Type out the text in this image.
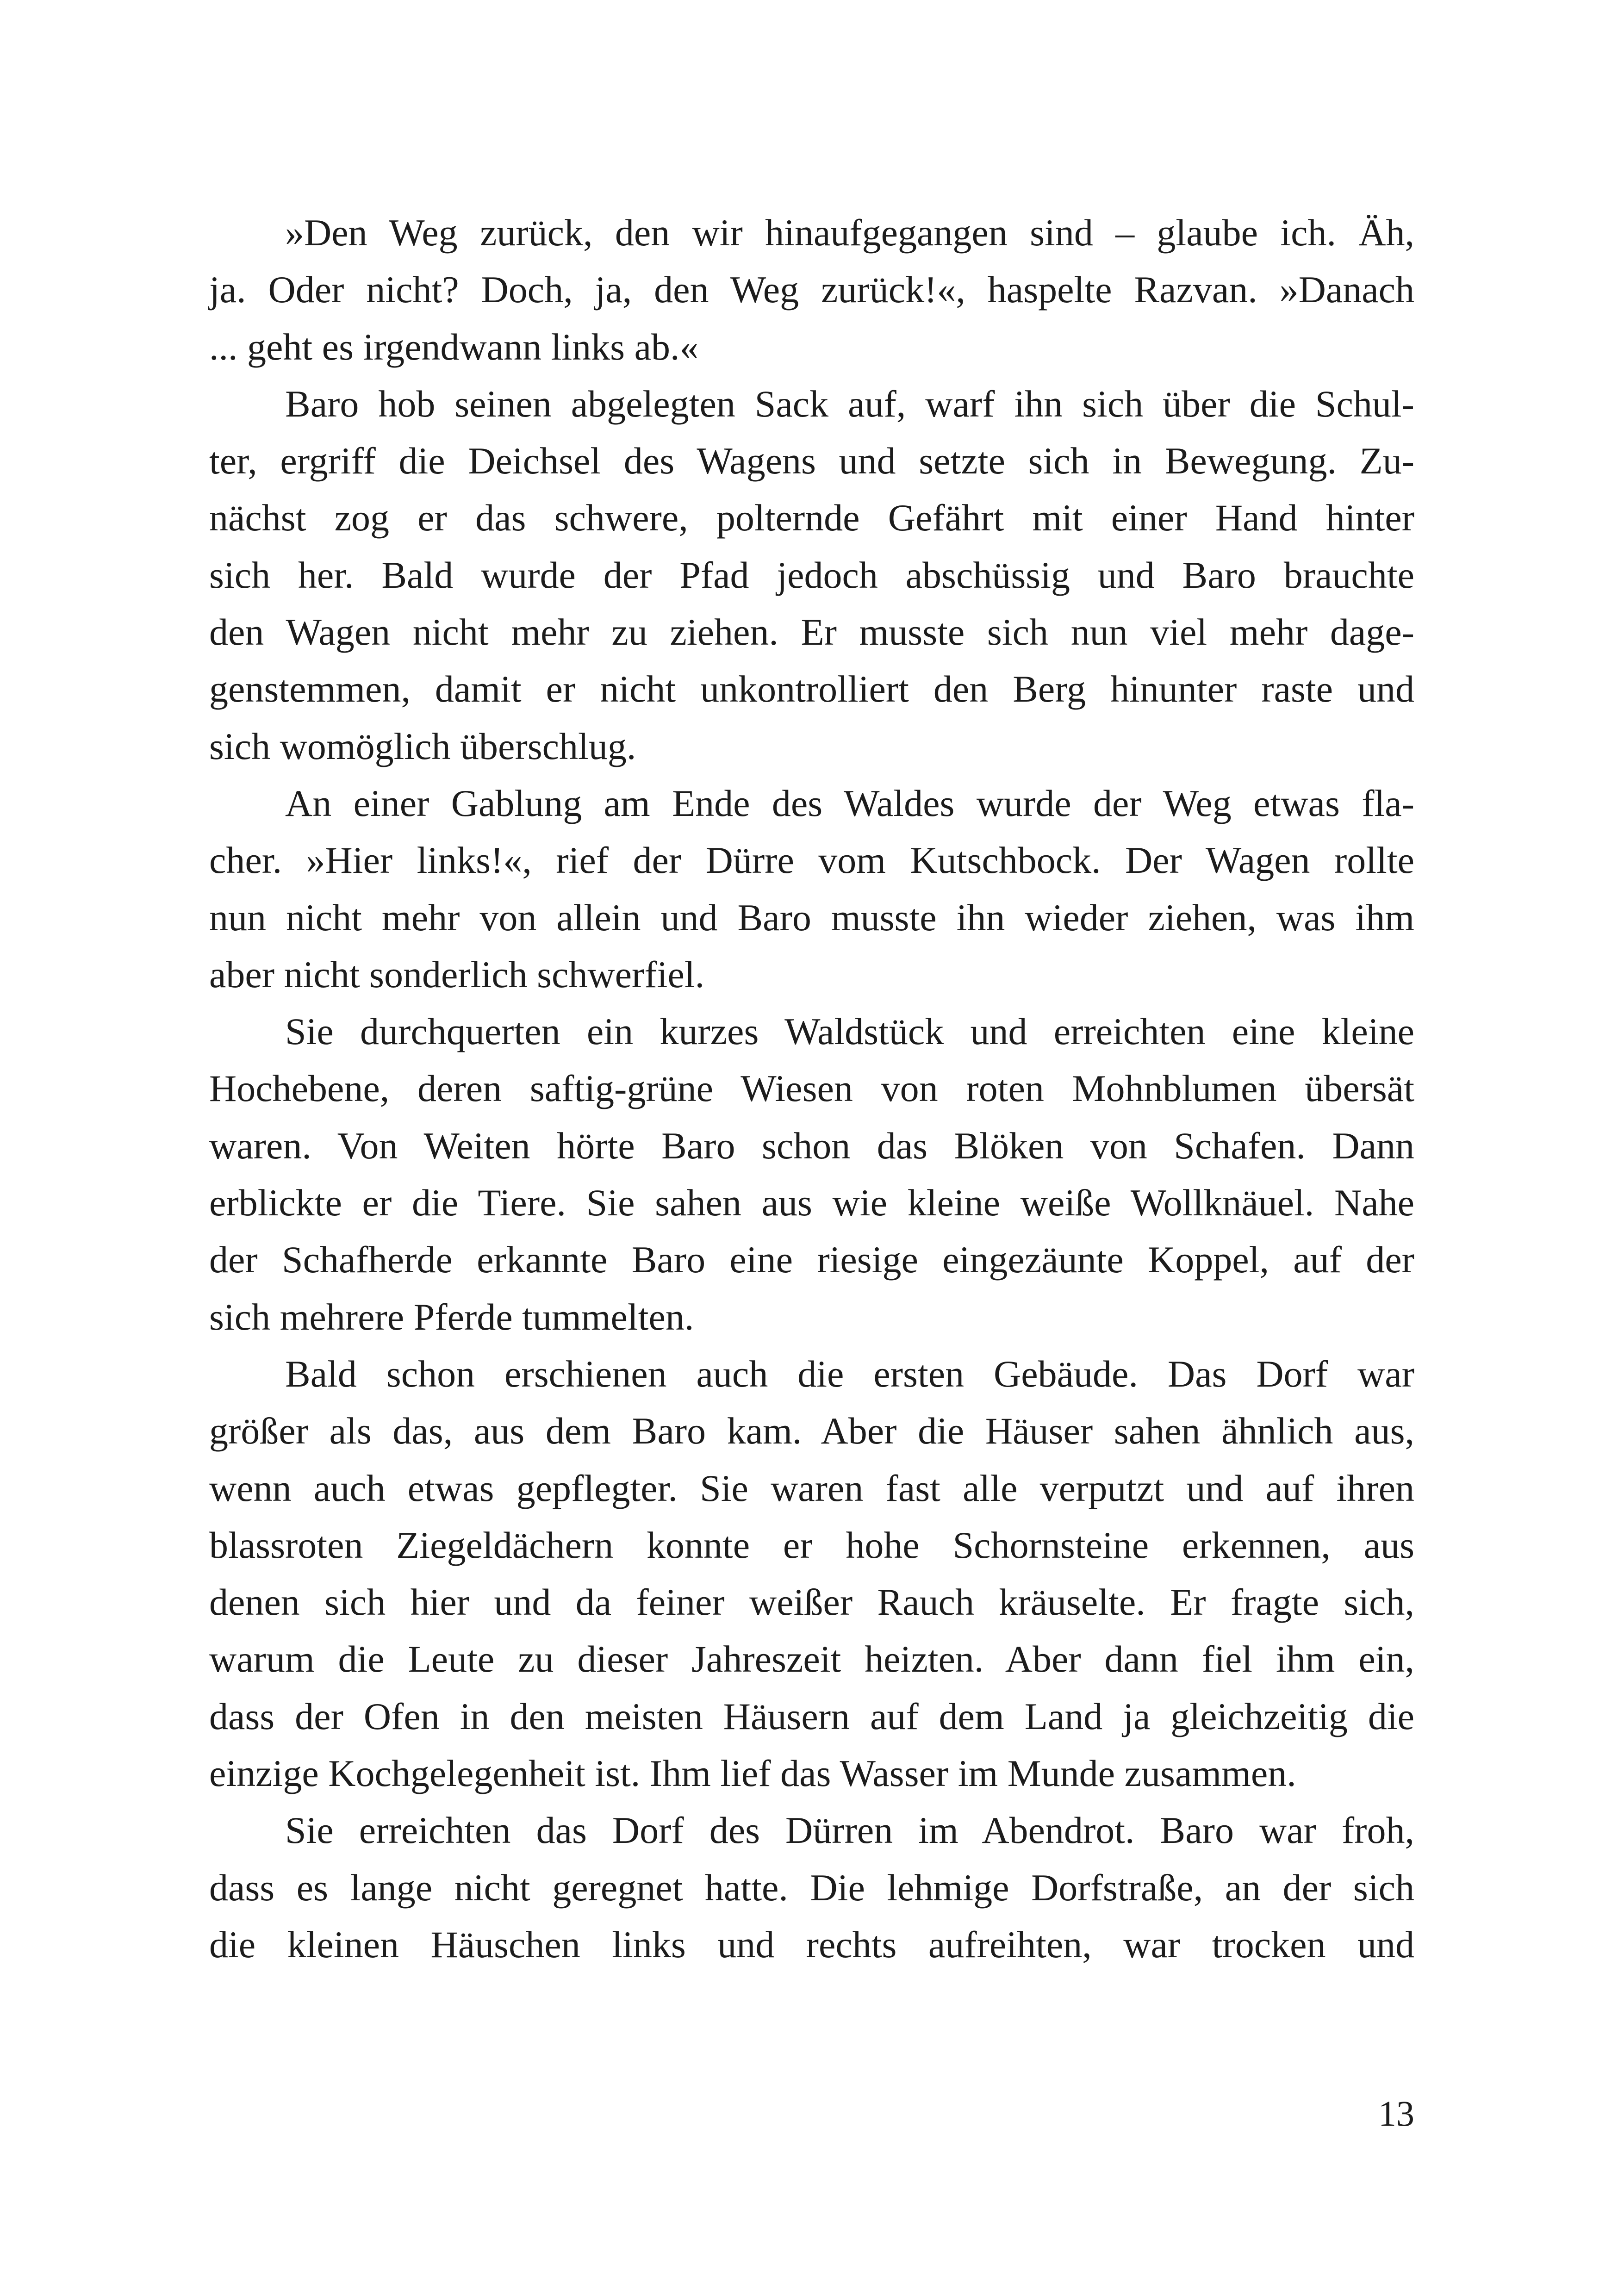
»Den Weg zurück, den wir hinaufgegangen sind – glaube ich. Äh,
ja. Oder nicht? Doch, ja, den Weg zurück!«, haspelte Razvan. »Danach
... geht es irgendwann links ab.«
Baro hob seinen abgelegten Sack auf, warf ihn sich über die Schul-
ter, ergriff die Deichsel des Wagens und setzte sich in Bewegung. Zu-
nächst zog er das schwere, polternde Gefährt mit einer Hand hinter
sich her. Bald wurde der Pfad jedoch abschüssig und Baro brauchte
den Wagen nicht mehr zu ziehen. Er musste sich nun viel mehr dage-
genstemmen, damit er nicht unkontrolliert den Berg hinunter raste und
sich womöglich überschlug.
An einer Gablung am Ende des Waldes wurde der Weg etwas fla-
cher. »Hier links!«, rief der Dürre vom Kutschbock. Der Wagen rollte
nun nicht mehr von allein und Baro musste ihn wieder ziehen, was ihm
aber nicht sonderlich schwerfiel.
Sie durchquerten ein kurzes Waldstück und erreichten eine kleine
Hochebene, deren saftig-grüne Wiesen von roten Mohnblumen übersät
waren. Von Weiten hörte Baro schon das Blöken von Schafen. Dann
erblickte er die Tiere. Sie sahen aus wie kleine weiße Wollknäuel. Nahe
der Schafherde erkannte Baro eine riesige eingezäunte Koppel, auf der
sich mehrere Pferde tummelten.
Bald schon erschienen auch die ersten Gebäude. Das Dorf war
größer als das, aus dem Baro kam. Aber die Häuser sahen ähnlich aus,
wenn auch etwas gepflegter. Sie waren fast alle verputzt und auf ihren
blassroten Ziegeldächern konnte er hohe Schornsteine erkennen, aus
denen sich hier und da feiner weißer Rauch kräuselte. Er fragte sich,
warum die Leute zu dieser Jahreszeit heizten. Aber dann fiel ihm ein,
dass der Ofen in den meisten Häusern auf dem Land ja gleichzeitig die
einzige Kochgelegenheit ist. Ihm lief das Wasser im Munde zusammen.
Sie erreichten das Dorf des Dürren im Abendrot. Baro war froh,
dass es lange nicht geregnet hatte. Die lehmige Dorfstraße, an der sich
die kleinen Häuschen links und rechts aufreihten, war trocken und
13
